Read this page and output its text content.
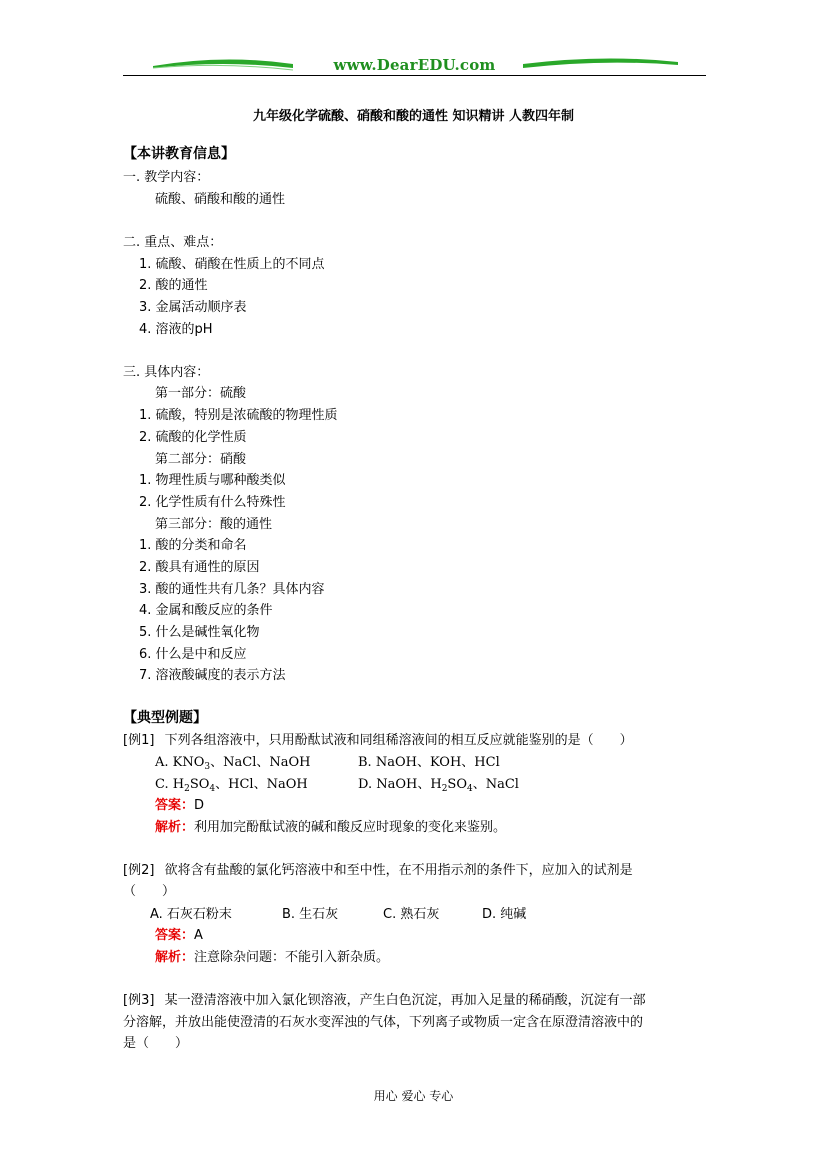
www.DearEDU.com
九年级化学硫酸、硝酸和酸的通性 知识精讲 人教四年制
【本讲教育信息】
一. 教学内容：
硫酸、硝酸和酸的通性
二. 重点、难点：
1. 硫酸、硝酸在性质上的不同点
2. 酸的通性
3. 金属活动顺序表
4. 溶液的pH
三. 具体内容：
第一部分：硫酸
1. 硫酸，特别是浓硫酸的物理性质
2. 硫酸的化学性质
第二部分：硝酸
1. 物理性质与哪种酸类似
2. 化学性质有什么特殊性
第三部分：酸的通性
1. 酸的分类和命名
2. 酸具有通性的原因
3. 酸的通性共有几条？具体内容
4. 金属和酸反应的条件
5. 什么是碱性氧化物
6. 什么是中和反应
7. 溶液酸碱度的表示方法
【典型例题】
[例1] 下列各组溶液中，只用酚酞试液和同组稀溶液间的相互反应就能鉴别的是（　　）
A. $KNO_3$、NaCl、NaOH	B. NaOH、KOH、HCl
C. $H_2SO_4$、HCl、NaOH	D. NaOH、$H_2SO_4$、NaCl
答案：D
解析：利用加完酚酞试液的碱和酸反应时现象的变化来鉴别。
[例2] 欲将含有盐酸的氯化钙溶液中和至中性，在不用指示剂的条件下，应加入的试剂是
（　　）
A. 石灰石粉末	B. 生石灰	C. 熟石灰	D. 纯碱
答案：A
解析：注意除杂问题：不能引入新杂质。
[例3] 某一澄清溶液中加入氯化钡溶液，产生白色沉淀，再加入足量的稀硝酸，沉淀有一部
分溶解，并放出能使澄清的石灰水变浑浊的气体，下列离子或物质一定含在原澄清溶液中的
是（　　）
用心 爱心 专心
